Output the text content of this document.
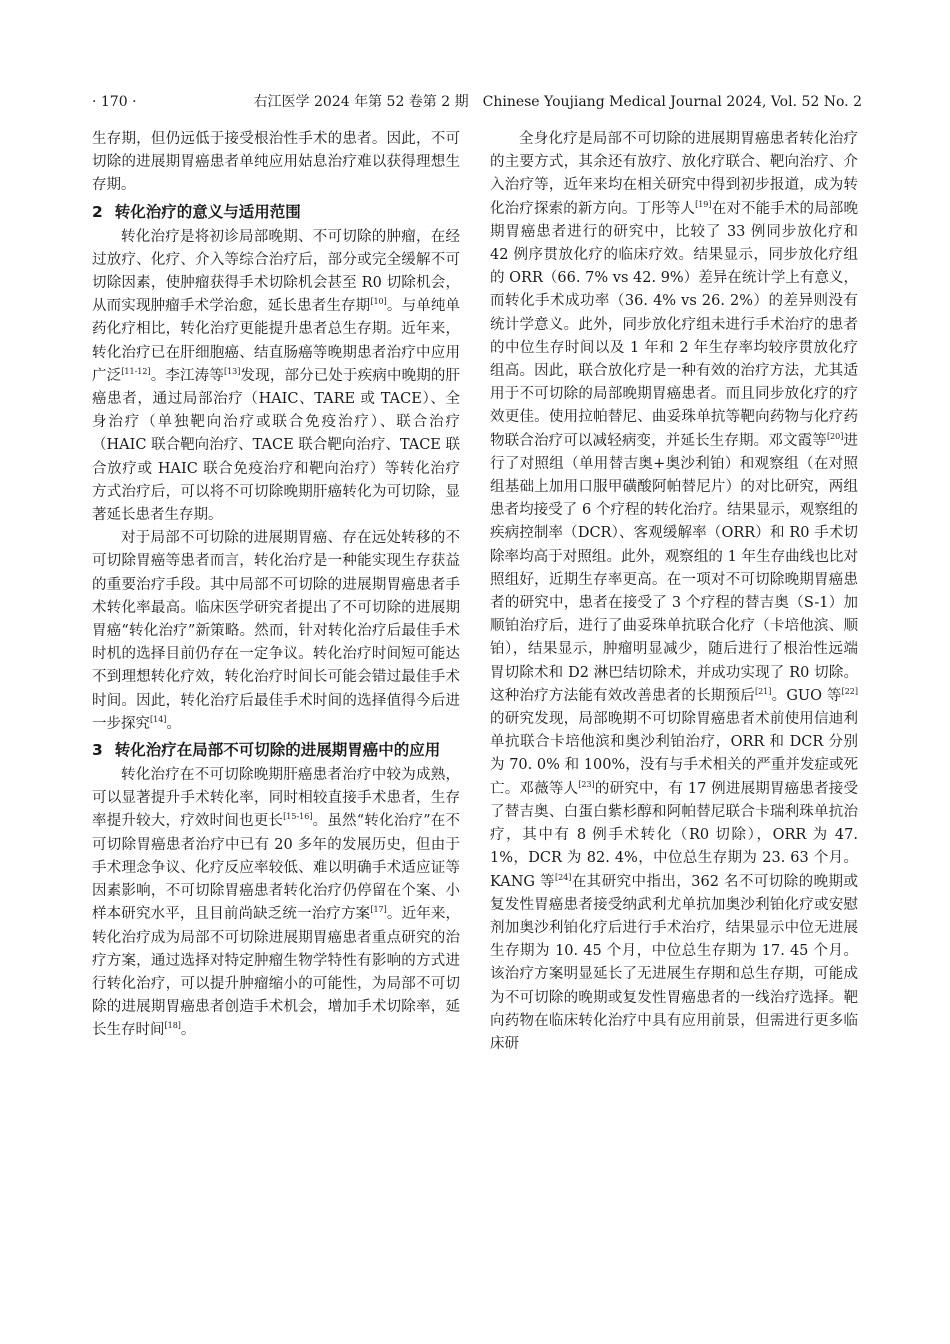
· 170 ·	右江医学 2024 年第 52 卷第 2 期　Chinese Youjiang Medical Journal 2024, Vol. 52 No. 2

生存期，但仍远低于接受根治性手术的患者。因此，不可切除的进展期胃癌患者单纯应用姑息治疗难以获得理想生存期。

2 转化治疗的意义与适用范围

转化治疗是将初诊局部晚期、不可切除的肿瘤，在经过放疗、化疗、介入等综合治疗后，部分或完全缓解不可切除因素，使肿瘤获得手术切除机会甚至 R0 切除机会，从而实现肿瘤手术学治愈，延长患者生存期[10]。与单纯单药化疗相比，转化治疗更能提升患者总生存期。近年来，转化治疗已在肝细胞癌、结直肠癌等晚期患者治疗中应用广泛[11-12]。李江涛等[13]发现，部分已处于疾病中晚期的肝癌患者，通过局部治疗（HAIC、TARE 或 TACE）、全身治疗（单独靶向治疗或联合免疫治疗）、联合治疗（HAIC 联合靶向治疗、TACE 联合靶向治疗、TACE 联合放疗或 HAIC 联合免疫治疗和靶向治疗）等转化治疗方式治疗后，可以将不可切除晚期肝癌转化为可切除，显著延长患者生存期。

对于局部不可切除的进展期胃癌、存在远处转移的不可切除胃癌等患者而言，转化治疗是一种能实现生存获益的重要治疗手段。其中局部不可切除的进展期胃癌患者手术转化率最高。临床医学研究者提出了不可切除的进展期胃癌“转化治疗”新策略。然而，针对转化治疗后最佳手术时机的选择目前仍存在一定争议。转化治疗时间短可能达不到理想转化疗效，转化治疗时间长可能会错过最佳手术时间。因此，转化治疗后最佳手术时间的选择值得今后进一步探究[14]。

3 转化治疗在局部不可切除的进展期胃癌中的应用

转化治疗在不可切除晚期肝癌患者治疗中较为成熟，可以显著提升手术转化率，同时相较直接手术患者，生存率提升较大，疗效时间也更长[15-16]。虽然“转化治疗”在不可切除胃癌患者治疗中已有 20 多年的发展历史，但由于手术理念争议、化疗反应率较低、难以明确手术适应证等因素影响，不可切除胃癌患者转化治疗仍停留在个案、小样本研究水平，且目前尚缺乏统一治疗方案[17]。近年来，转化治疗成为局部不可切除进展期胃癌患者重点研究的治疗方案，通过选择对特定肿瘤生物学特性有影响的方式进行转化治疗，可以提升肿瘤缩小的可能性，为局部不可切除的进展期胃癌患者创造手术机会，增加手术切除率，延长生存时间[18]。

全身化疗是局部不可切除的进展期胃癌患者转化治疗的主要方式，其余还有放疗、放化疗联合、靶向治疗、介入治疗等，近年来均在相关研究中得到初步报道，成为转化治疗探索的新方向。丁彤等人[19]在对不能手术的局部晚期胃癌患者进行的研究中，比较了 33 例同步放化疗和 42 例序贯放化疗的临床疗效。结果显示，同步放化疗组的 ORR（66. 7% vs 42. 9%）差异在统计学上有意义，而转化手术成功率（36. 4% vs 26. 2%）的差异则没有统计学意义。此外，同步放化疗组未进行手术治疗的患者的中位生存时间以及 1 年和 2 年生存率均较序贯放化疗组高。因此，联合放化疗是一种有效的治疗方法，尤其适用于不可切除的局部晚期胃癌患者。而且同步放化疗的疗效更佳。使用拉帕替尼、曲妥珠单抗等靶向药物与化疗药物联合治疗可以减轻病变，并延长生存期。邓文霞等[20]进行了对照组（单用替吉奥+奥沙利铂）和观察组（在对照组基础上加用口服甲磺酸阿帕替尼片）的对比研究，两组患者均接受了 6 个疗程的转化治疗。结果显示，观察组的疾病控制率（DCR）、客观缓解率（ORR）和 R0 手术切除率均高于对照组。此外，观察组的 1 年生存曲线也比对照组好，近期生存率更高。在一项对不可切除晚期胃癌患者的研究中，患者在接受了 3 个疗程的替吉奥（S-1）加顺铂治疗后，进行了曲妥珠单抗联合化疗（卡培他滨、顺铂），结果显示，肿瘤明显减少，随后进行了根治性远端胃切除术和 D2 淋巴结切除术，并成功实现了 R0 切除。这种治疗方法能有效改善患者的长期预后[21]。GUO 等[22]的研究发现，局部晚期不可切除胃癌患者术前使用信迪利单抗联合卡培他滨和奥沙利铂治疗，ORR 和 DCR 分别为 70. 0% 和 100%，没有与手术相关的严重并发症或死亡。邓薇等人[23]的研究中，有 17 例进展期胃癌患者接受了替吉奥、白蛋白紫杉醇和阿帕替尼联合卡瑞利珠单抗治疗，其中有 8 例手术转化（R0 切除），ORR 为 47. 1%，DCR 为 82. 4%，中位总生存期为 23. 63 个月。KANG 等[24]在其研究中指出，362 名不可切除的晚期或复发性胃癌患者接受纳武利尤单抗加奥沙利铂化疗或安慰剂加奥沙利铂化疗后进行手术治疗，结果显示中位无进展生存期为 10. 45 个月，中位总生存期为 17. 45 个月。该治疗方案明显延长了无进展生存期和总生存期，可能成为不可切除的晚期或复发性胃癌患者的一线治疗选择。靶向药物在临床转化治疗中具有应用前景，但需进行更多临床研
